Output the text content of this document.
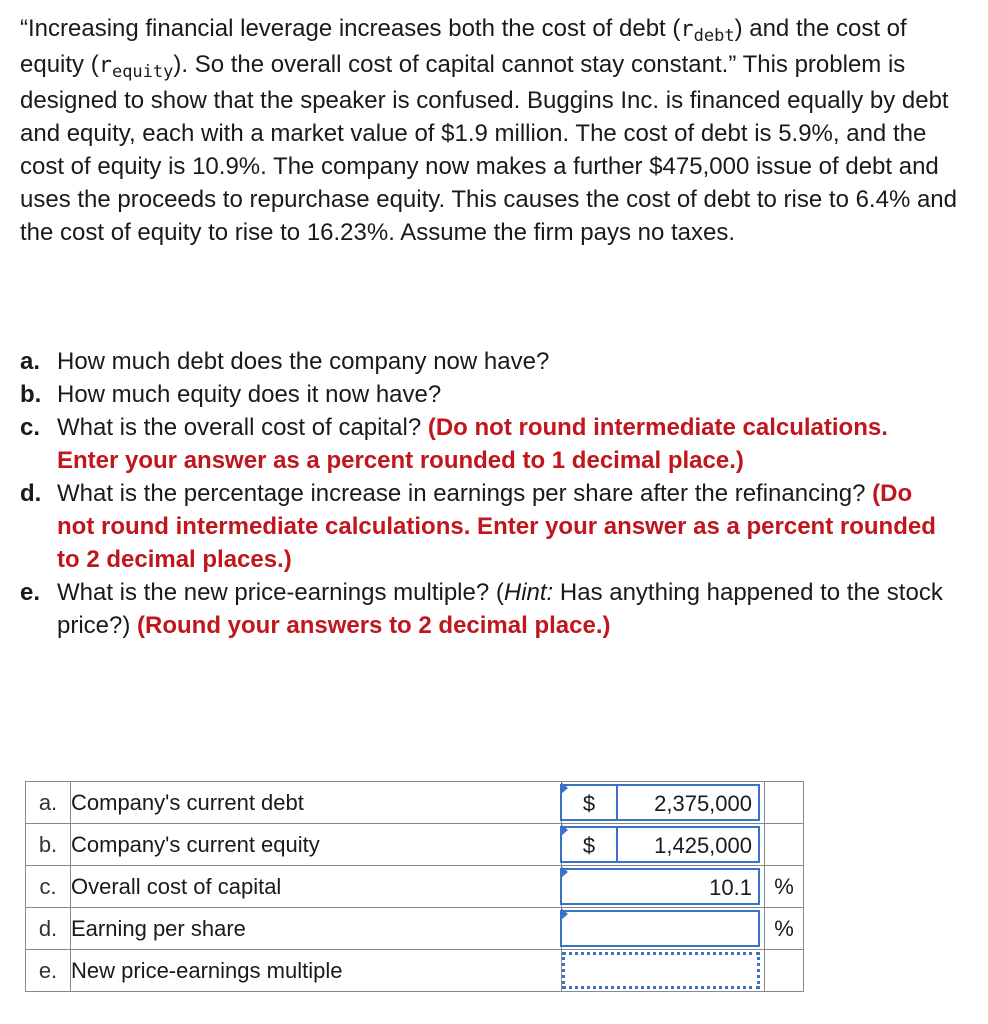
“Increasing financial leverage increases both the cost of debt $(r_{debt})$ and the cost of equity $(r_{equity})$. So the overall cost of capital cannot stay constant.” This problem is designed to show that the speaker is confused. Buggins Inc. is financed equally by debt and equity, each with a market value of $1.9 million. The cost of debt is 5.9%, and the cost of equity is 10.9%. The company now makes a further $475,000 issue of debt and uses the proceeds to repurchase equity. This causes the cost of debt to rise to 6.4% and the cost of equity to rise to 16.23%. Assume the firm pays no taxes.

a. How much debt does the company now have?
b. How much equity does it now have?
c. What is the overall cost of capital? (Do not round intermediate calculations. Enter your answer as a percent rounded to 1 decimal place.)
d. What is the percentage increase in earnings per share after the refinancing? (Do not round intermediate calculations. Enter your answer as a percent rounded to 2 decimal places.)
e. What is the new price-earnings multiple? (Hint: Has anything happened to the stock price?) (Round your answers to 2 decimal place.)
a.	Company's current debt	$	2,375,000	

b.	Company's current equity	$	1,425,000	

c.	Overall cost of capital	10.1		%
d.	Earning per share			%
e.	New price-earnings multiple		
